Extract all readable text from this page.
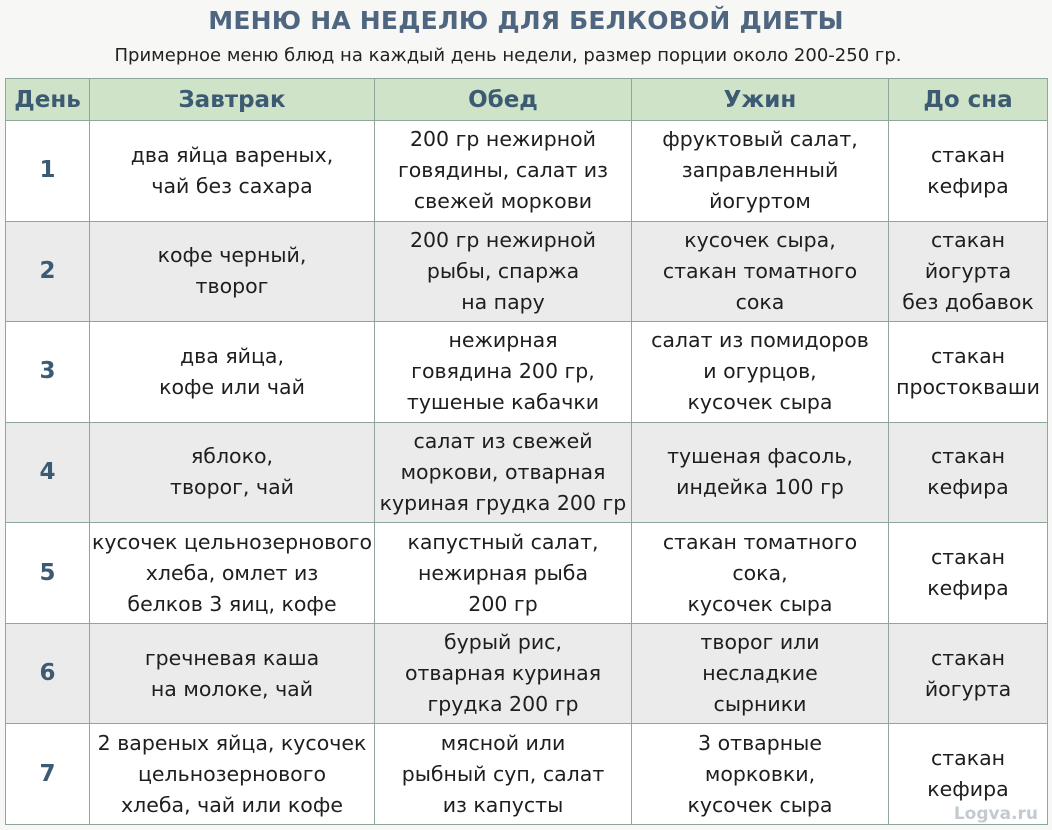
МЕНЮ НА НЕДЕЛЮ ДЛЯ БЕЛКОВОЙ ДИЕТЫ
Примерное меню блюд на каждый день недели, размер порции около 200-250 гр.
День	Завтрак	Обед	Ужин	До сна
1	два яйца вареных,
чай без сахара	200 гр нежирной
говядины, салат из
свежей моркови	фруктовый салат,
заправленный
йогуртом	стакан
кефира

2	кофе черный,
творог	200 гр нежирной
рыбы, спаржа
на пару	кусочек сыра,
стакан томатного
сока	стакан
йогурта
без добавок

3	два яйца,
кофе или чай	нежирная
говядина 200 гр,
тушеные кабачки	салат из помидоров
и огурцов,
кусочек сыра	стакан
простокваши

4	яблоко,
творог, чай	салат из свежей
моркови, отварная
куриная грудка 200 гр	тушеная фасоль,
индейка 100 гр	стакан
кефира

5	кусочек цельнозернового
хлеба, омлет из
белков 3 яиц, кофе	капустный салат,
нежирная рыба
200 гр	стакан томатного
сока,
кусочек сыра	стакан
кефира

6	гречневая каша
на молоке, чай	бурый рис,
отварная куриная
грудка 200 гр	творог или
несладкие
сырники	стакан
йогурта

7	2 вареных яйца, кусочек
цельнозернового
хлеба, чай или кофе	мясной или
рыбный суп, салат
из капусты	3 отварные
морковки,
кусочек сыра	стакан
кефира
Logva.ru
